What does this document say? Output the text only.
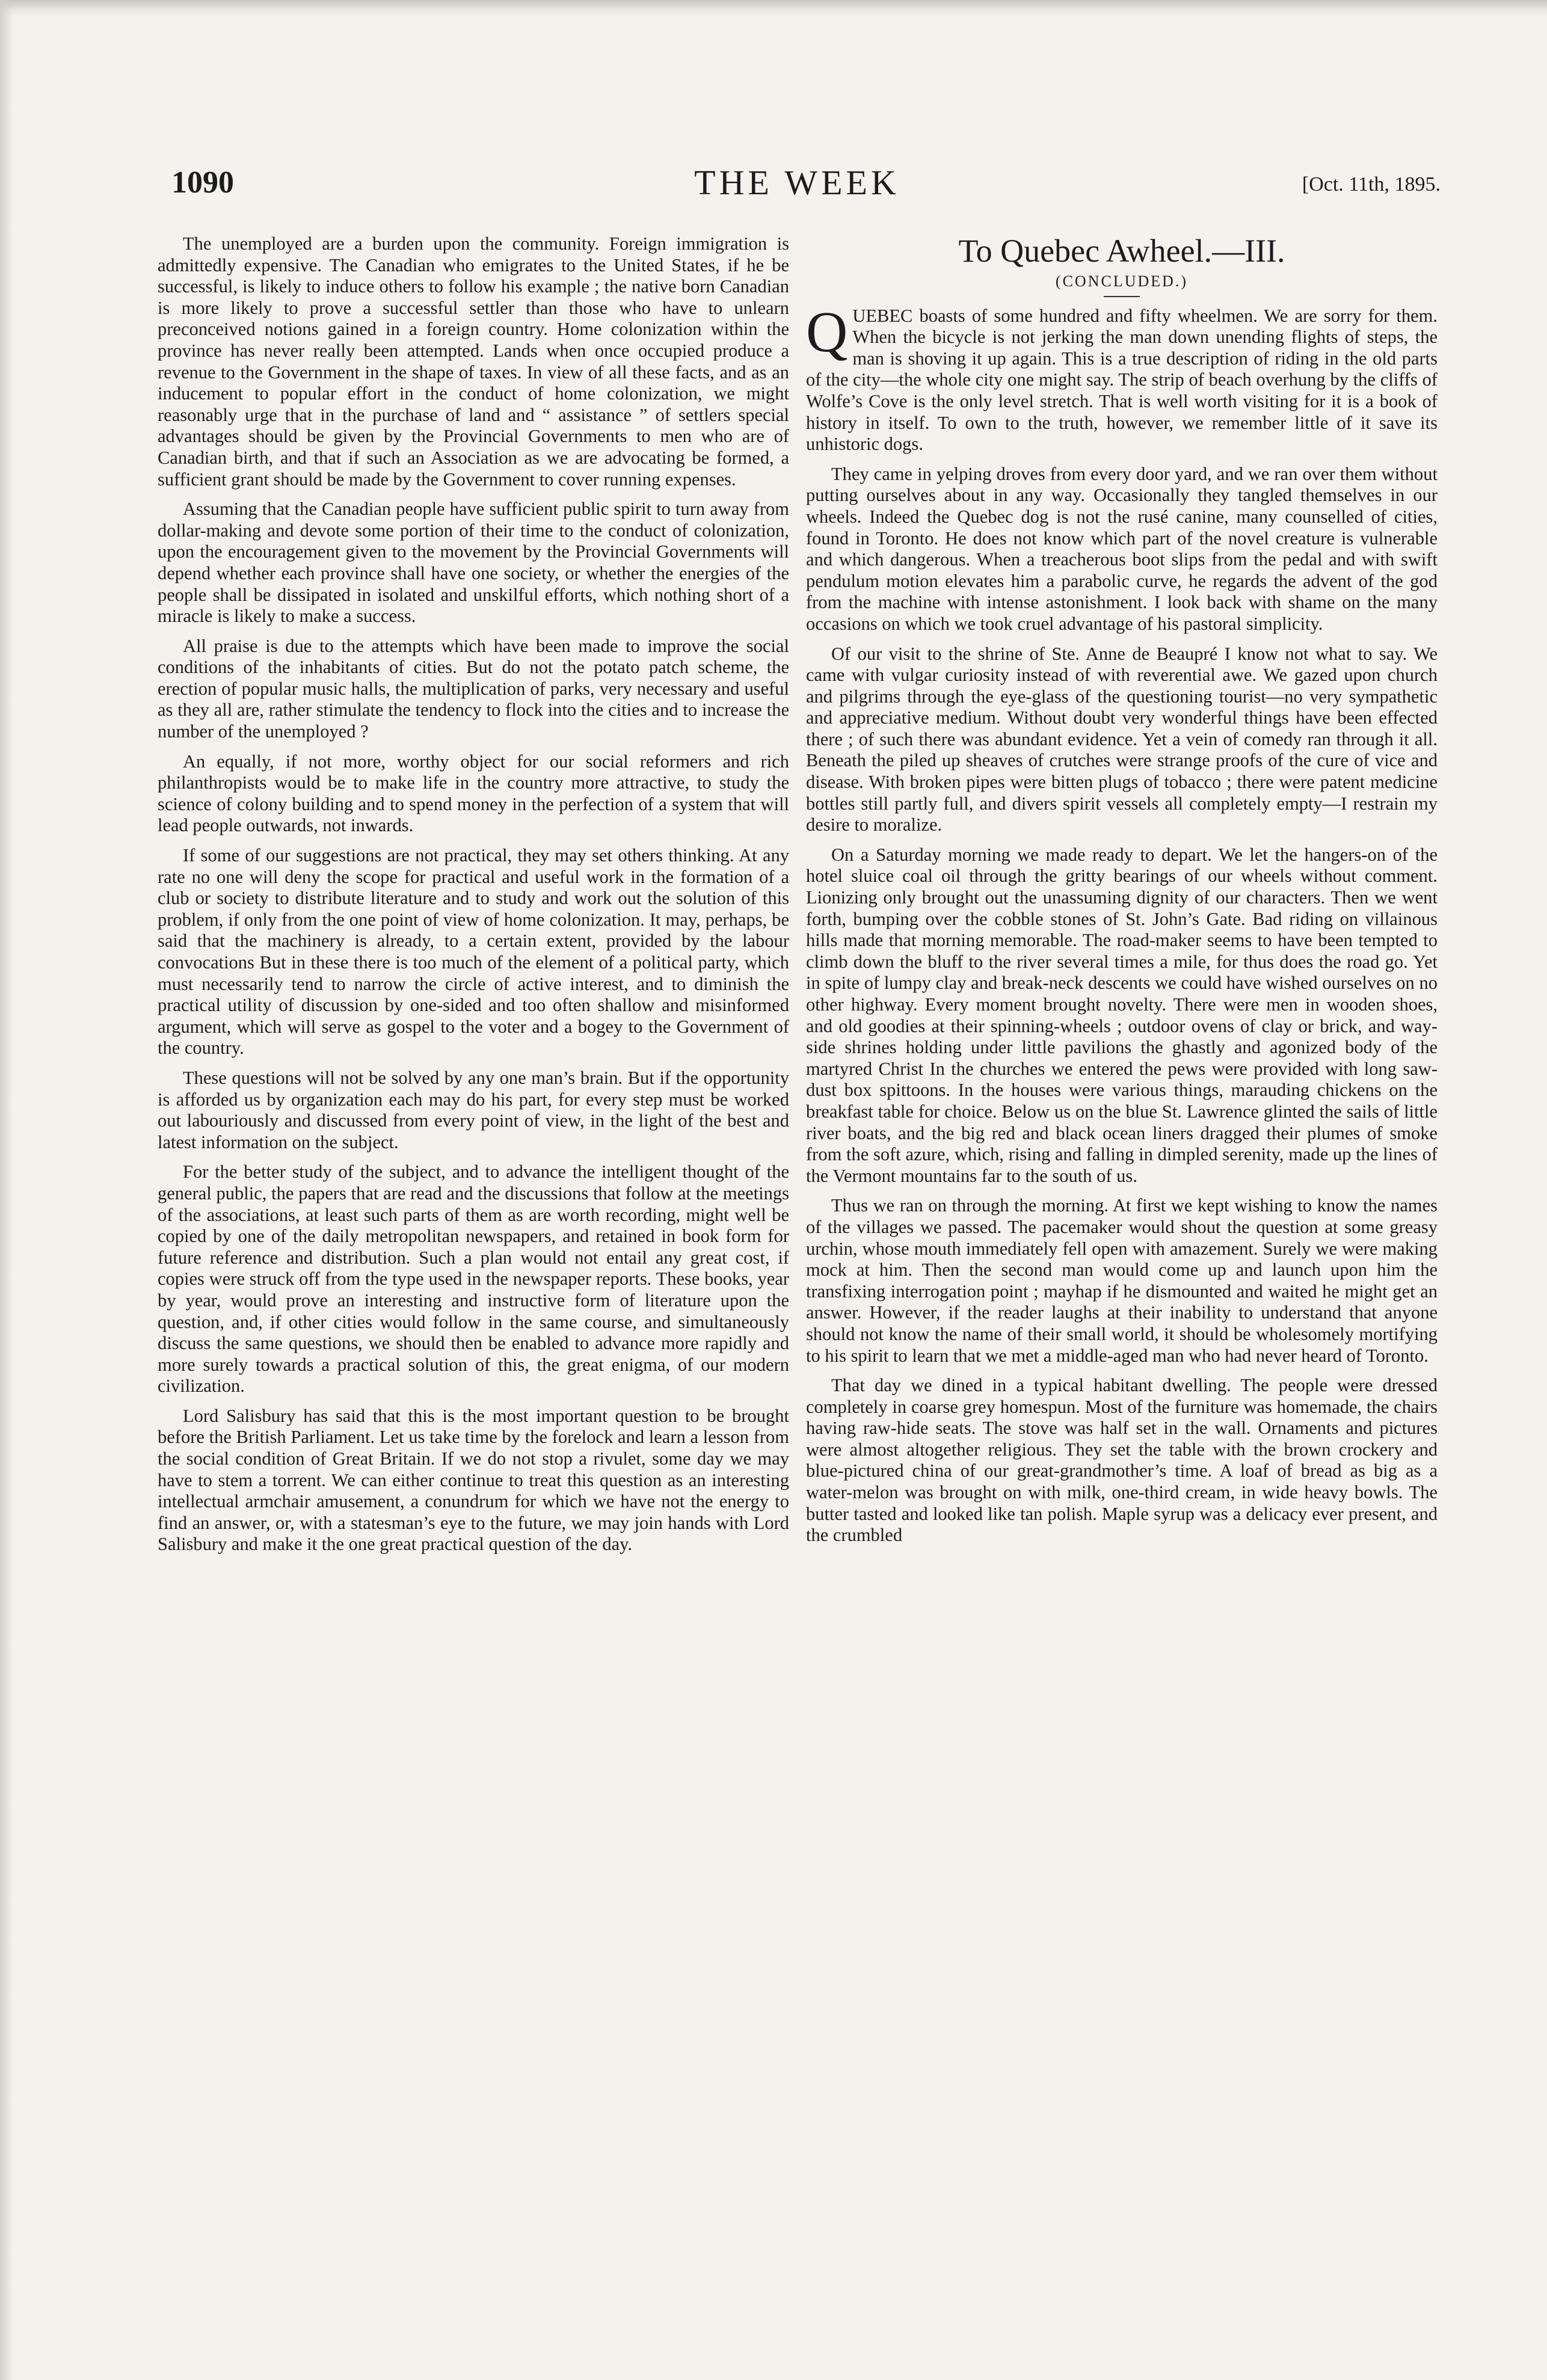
1090	THE WEEK	[Oct. 11th, 1895.

The unemployed are a burden upon the community. Foreign immigration is admittedly expensive. The Canadian who emigrates to the United States, if he be successful, is likely to induce others to follow his example ; the native born Canadian is more likely to prove a successful settler than those who have to unlearn preconceived notions gained in a foreign country. Home colonization within the province has never really been attempted. Lands when once occupied produce a revenue to the Government in the shape of taxes. In view of all these facts, and as an inducement to popular effort in the conduct of home colonization, we might reasonably urge that in the purchase of land and “ assistance ” of settlers special advantages should be given by the Provincial Governments to men who are of Canadian birth, and that if such an Association as we are advocating be formed, a sufficient grant should be made by the Government to cover running expenses.

Assuming that the Canadian people have sufficient public spirit to turn away from dollar-making and devote some portion of their time to the conduct of colonization, upon the encouragement given to the movement by the Provincial Governments will depend whether each province shall have one society, or whether the energies of the people shall be dissipated in isolated and unskilful efforts, which nothing short of a miracle is likely to make a success.

All praise is due to the attempts which have been made to improve the social conditions of the inhabitants of cities. But do not the potato patch scheme, the erection of popular music halls, the multiplication of parks, very necessary and useful as they all are, rather stimulate the tendency to flock into the cities and to increase the number of the unemployed ?

An equally, if not more, worthy object for our social reformers and rich philanthropists would be to make life in the country more attractive, to study the science of colony building and to spend money in the perfection of a system that will lead people outwards, not inwards.

If some of our suggestions are not practical, they may set others thinking. At any rate no one will deny the scope for practical and useful work in the formation of a club or society to distribute literature and to study and work out the solution of this problem, if only from the one point of view of home colonization. It may, perhaps, be said that the machinery is already, to a certain extent, provided by the labour convocations But in these there is too much of the element of a political party, which must necessarily tend to narrow the circle of active interest, and to diminish the practical utility of discussion by one-sided and too often shallow and misinformed argument, which will serve as gospel to the voter and a bogey to the Government of the country.

These questions will not be solved by any one man’s brain. But if the opportunity is afforded us by organization each may do his part, for every step must be worked out labouriously and discussed from every point of view, in the light of the best and latest information on the subject.

For the better study of the subject, and to advance the intelligent thought of the general public, the papers that are read and the discussions that follow at the meetings of the associations, at least such parts of them as are worth recording, might well be copied by one of the daily metropolitan newspapers, and retained in book form for future reference and distribution. Such a plan would not entail any great cost, if copies were struck off from the type used in the newspaper reports. These books, year by year, would prove an interesting and instructive form of literature upon the question, and, if other cities would follow in the same course, and simultaneously discuss the same questions, we should then be enabled to advance more rapidly and more surely towards a practical solution of this, the great enigma, of our modern civilization.

Lord Salisbury has said that this is the most important question to be brought before the British Parliament. Let us take time by the forelock and learn a lesson from the social condition of Great Britain. If we do not stop a rivulet, some day we may have to stem a torrent. We can either continue to treat this question as an interesting intellectual armchair amusement, a conundrum for which we have not the energy to find an answer, or, with a statesman’s eye to the future, we may join hands with Lord Salisbury and make it the one great practical question of the day.

To Quebec Awheel.—III.
(CONCLUDED.)

QUEBEC boasts of some hundred and fifty wheelmen. We are sorry for them. When the bicycle is not jerking the man down unending flights of steps, the man is shoving it up again. This is a true description of riding in the old parts of the city—the whole city one might say. The strip of beach overhung by the cliffs of Wolfe’s Cove is the only level stretch. That is well worth visiting for it is a book of history in itself. To own to the truth, however, we remember little of it save its unhistoric dogs.

They came in yelping droves from every door yard, and we ran over them without putting ourselves about in any way. Occasionally they tangled themselves in our wheels. Indeed the Quebec dog is not the rusé canine, many counselled of cities, found in Toronto. He does not know which part of the novel creature is vulnerable and which dangerous. When a treacherous boot slips from the pedal and with swift pendulum motion elevates him a parabolic curve, he regards the advent of the god from the machine with intense astonishment. I look back with shame on the many occasions on which we took cruel advantage of his pastoral simplicity.

Of our visit to the shrine of Ste. Anne de Beaupré I know not what to say. We came with vulgar curiosity instead of with reverential awe. We gazed upon church and pilgrims through the eye-glass of the questioning tourist—no very sympathetic and appreciative medium. Without doubt very wonderful things have been effected there ; of such there was abundant evidence. Yet a vein of comedy ran through it all. Beneath the piled up sheaves of crutches were strange proofs of the cure of vice and disease. With broken pipes were bitten plugs of tobacco ; there were patent medicine bottles still partly full, and divers spirit vessels all completely empty—I restrain my desire to moralize.

On a Saturday morning we made ready to depart. We let the hangers-on of the hotel sluice coal oil through the gritty bearings of our wheels without comment. Lionizing only brought out the unassuming dignity of our characters. Then we went forth, bumping over the cobble stones of St. John’s Gate. Bad riding on villainous hills made that morning memorable. The road-maker seems to have been tempted to climb down the bluff to the river several times a mile, for thus does the road go. Yet in spite of lumpy clay and break-neck descents we could have wished ourselves on no other highway. Every moment brought novelty. There were men in wooden shoes, and old goodies at their spinning-wheels ; outdoor ovens of clay or brick, and way-side shrines holding under little pavilions the ghastly and agonized body of the martyred Christ In the churches we entered the pews were provided with long saw-dust box spittoons. In the houses were various things, marauding chickens on the breakfast table for choice. Below us on the blue St. Lawrence glinted the sails of little river boats, and the big red and black ocean liners dragged their plumes of smoke from the soft azure, which, rising and falling in dimpled serenity, made up the lines of the Vermont mountains far to the south of us.

Thus we ran on through the morning. At first we kept wishing to know the names of the villages we passed. The pacemaker would shout the question at some greasy urchin, whose mouth immediately fell open with amazement. Surely we were making mock at him. Then the second man would come up and launch upon him the transfixing interrogation point ; mayhap if he dismounted and waited he might get an answer. However, if the reader laughs at their inability to understand that anyone should not know the name of their small world, it should be wholesomely mortifying to his spirit to learn that we met a middle-aged man who had never heard of Toronto.

That day we dined in a typical habitant dwelling. The people were dressed completely in coarse grey homespun. Most of the furniture was homemade, the chairs having raw-hide seats. The stove was half set in the wall. Ornaments and pictures were almost altogether religious. They set the table with the brown crockery and blue-pictured china of our great-grandmother’s time. A loaf of bread as big as a water-melon was brought on with milk, one-third cream, in wide heavy bowls. The butter tasted and looked like tan polish. Maple syrup was a delicacy ever present, and the crumbled
